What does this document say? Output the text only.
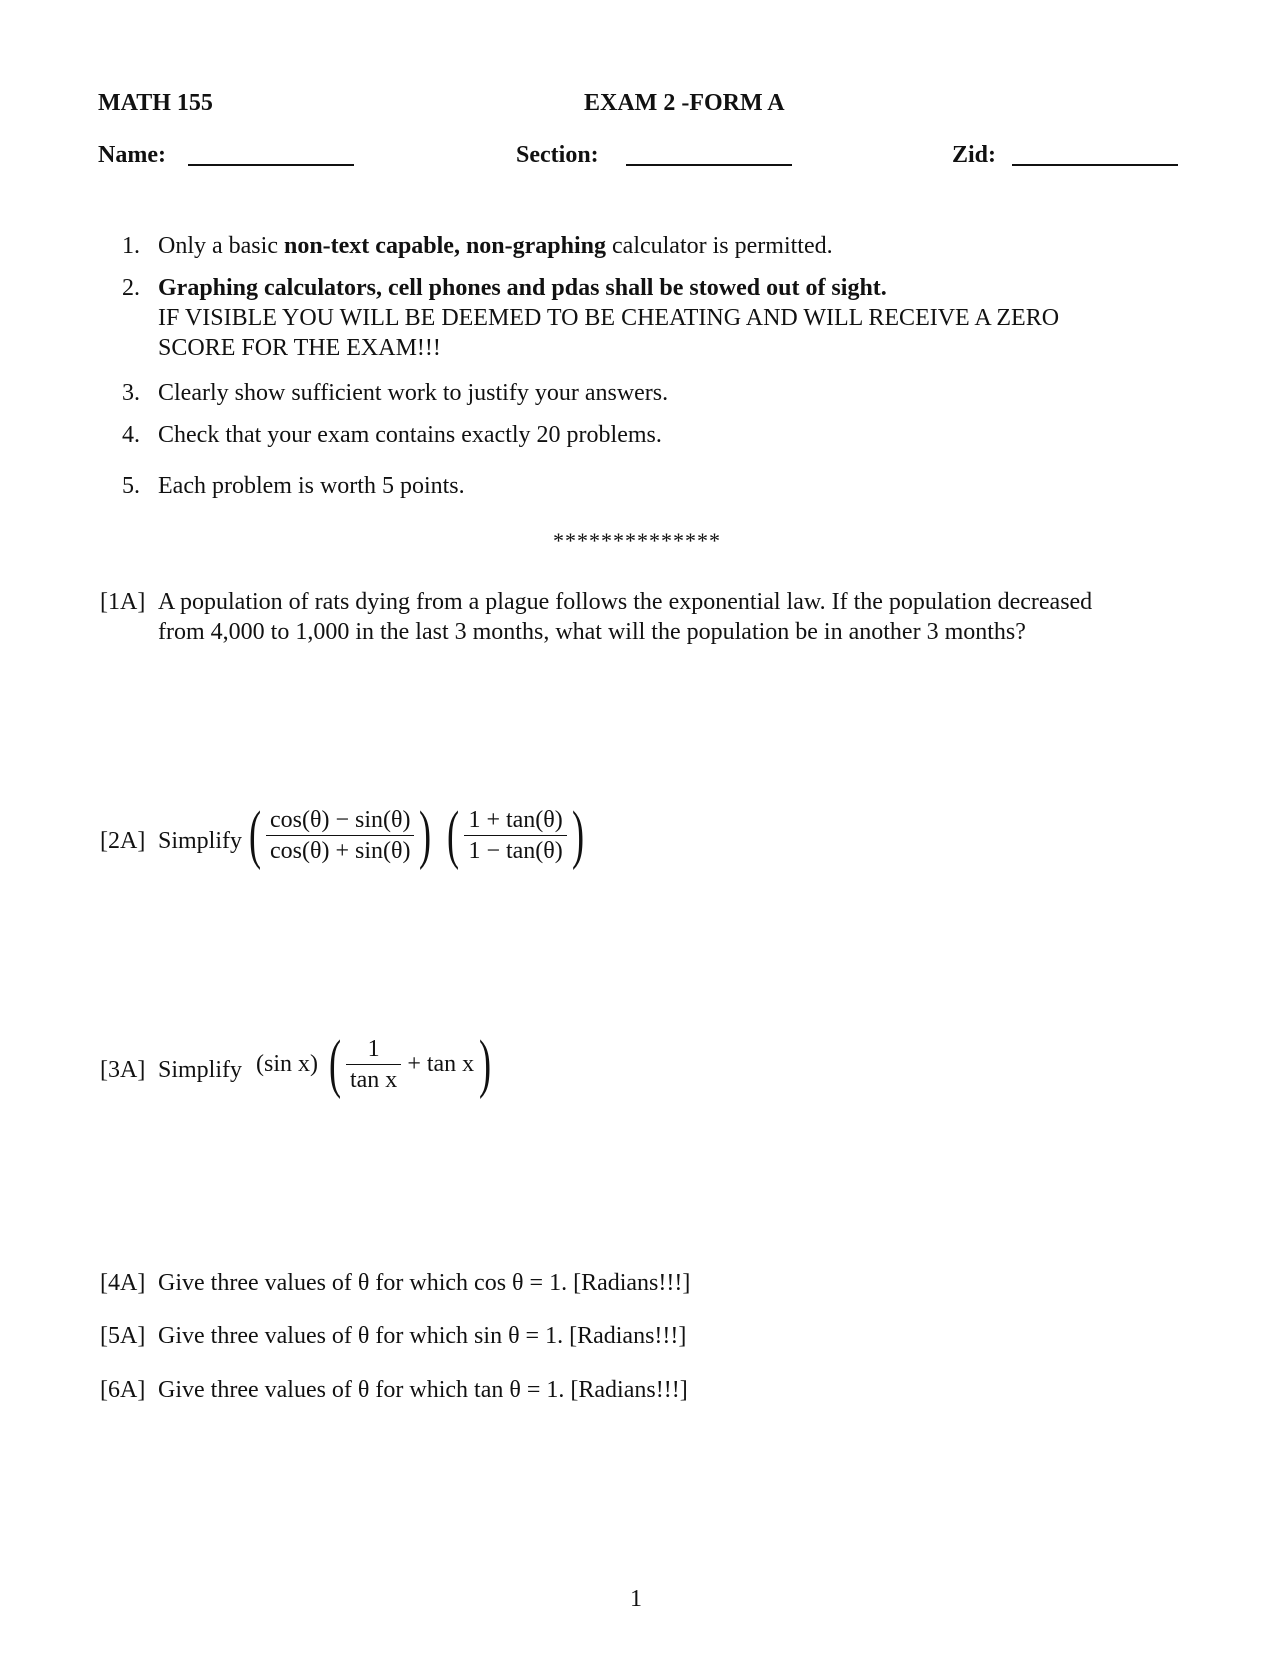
MATH 155	EXAM 2 -FORM A
Name:	Section:	Zid:
1. Only a basic non-text capable, non-graphing calculator is permitted.
2. Graphing calculators, cell phones and pdas shall be stowed out of sight.
IF VISIBLE YOU WILL BE DEEMED TO BE CHEATING AND WILL RECEIVE A ZERO
SCORE FOR THE EXAM!!!
3. Clearly show sufficient work to justify your answers.
4. Check that your exam contains exactly 20 problems.
5. Each problem is worth 5 points.
**************
[1A] A population of rats dying from a plague follows the exponential law. If the population decreased
from 4,000 to 1,000 in the last 3 months, what will the population be in another 3 months?
[2A] Simplify ( $\frac{\cos(\theta) - \sin(\theta)}{\cos(\theta) + \sin(\theta)}$ ) ( $\frac{1 + \tan(\theta)}{1 - \tan(\theta)}$ )
[3A] Simplify (sin x) ( $\frac{1}{\text{tan x}} + \tan x$)
[4A] Give three values of θ for which cos θ = 1. [Radians!!!]
[5A] Give three values of θ for which sin θ = 1. [Radians!!!]
[6A] Give three values of θ for which tan θ = 1. [Radians!!!]
1
